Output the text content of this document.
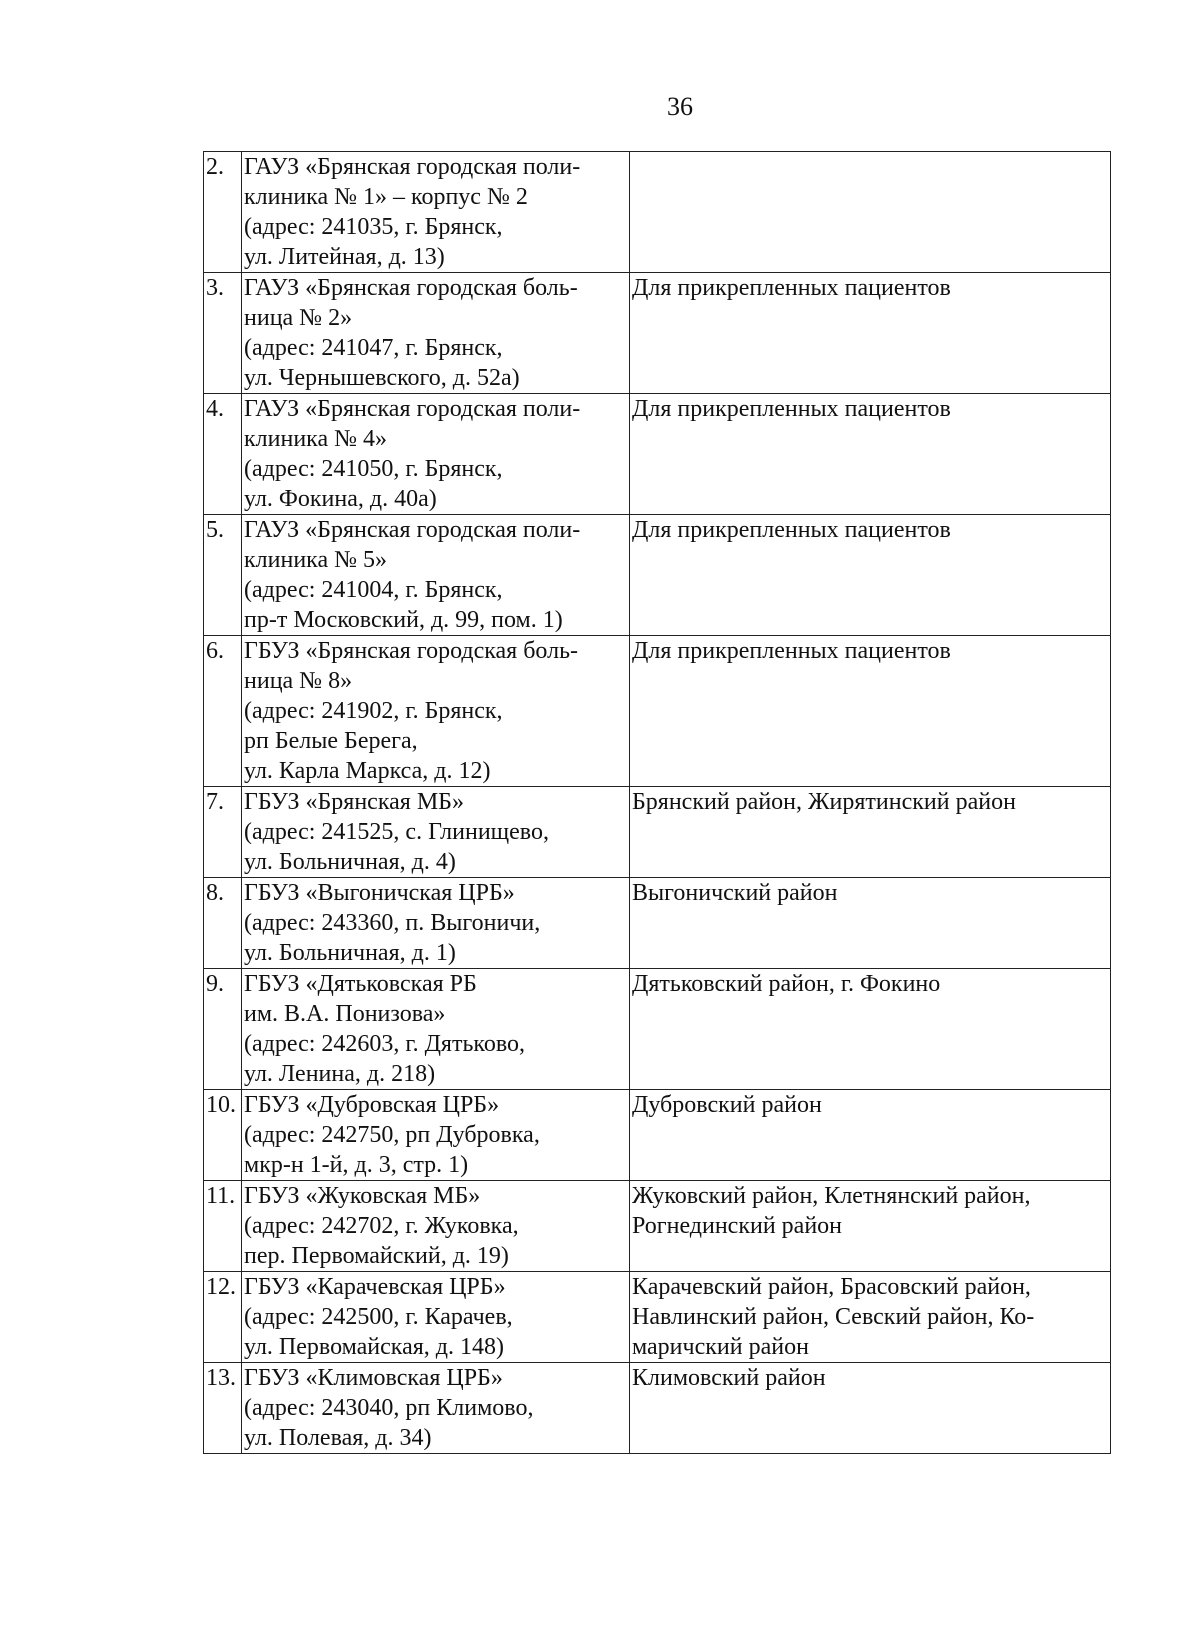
36
2.	ГАУЗ «Брянская городская поли-
клиника № 1» – корпус № 2
(адрес: 241035, г. Брянск,
ул. Литейная, д. 13)	

3.	ГАУЗ «Брянская городская боль-
ница № 2»
(адрес: 241047, г. Брянск,
ул. Чернышевского, д. 52а)	Для прикрепленных пациентов

4.	ГАУЗ «Брянская городская поли-
клиника № 4»
(адрес: 241050, г. Брянск,
ул. Фокина, д. 40а)	Для прикрепленных пациентов

5.	ГАУЗ «Брянская городская поли-
клиника № 5»
(адрес: 241004, г. Брянск,
пр-т Московский, д. 99, пом. 1)	Для прикрепленных пациентов

6.	ГБУЗ «Брянская городская боль-
ница № 8»
(адрес: 241902, г. Брянск,
рп Белые Берега,
ул. Карла Маркса, д. 12)	Для прикрепленных пациентов

7.	ГБУЗ «Брянская МБ»
(адрес: 241525, с. Глинищево,
ул. Больничная, д. 4)	Брянский район, Жирятинский район

8.	ГБУЗ «Выгоничская ЦРБ»
(адрес: 243360, п. Выгоничи,
ул. Больничная, д. 1)	Выгоничский район

9.	ГБУЗ «Дятьковская РБ
им. В.А. Понизова»
(адрес: 242603, г. Дятьково,
ул. Ленина, д. 218)	Дятьковский район, г. Фокино

10.	ГБУЗ «Дубровская ЦРБ»
(адрес: 242750, рп Дубровка,
мкр-н 1-й, д. 3, стр. 1)	Дубровский район

11.	ГБУЗ «Жуковская МБ»
(адрес: 242702, г. Жуковка,
пер. Первомайский, д. 19)	Жуковский район, Клетнянский район,
Рогнединский район

12.	ГБУЗ «Карачевская ЦРБ»
(адрес: 242500, г. Карачев,
ул. Первомайская, д. 148)	Карачевский район, Брасовский район,
Навлинский район, Севский район, Ко-
маричский район

13.	ГБУЗ «Климовская ЦРБ»
(адрес: 243040, рп Климово,
ул. Полевая, д. 34)	Климовский район
